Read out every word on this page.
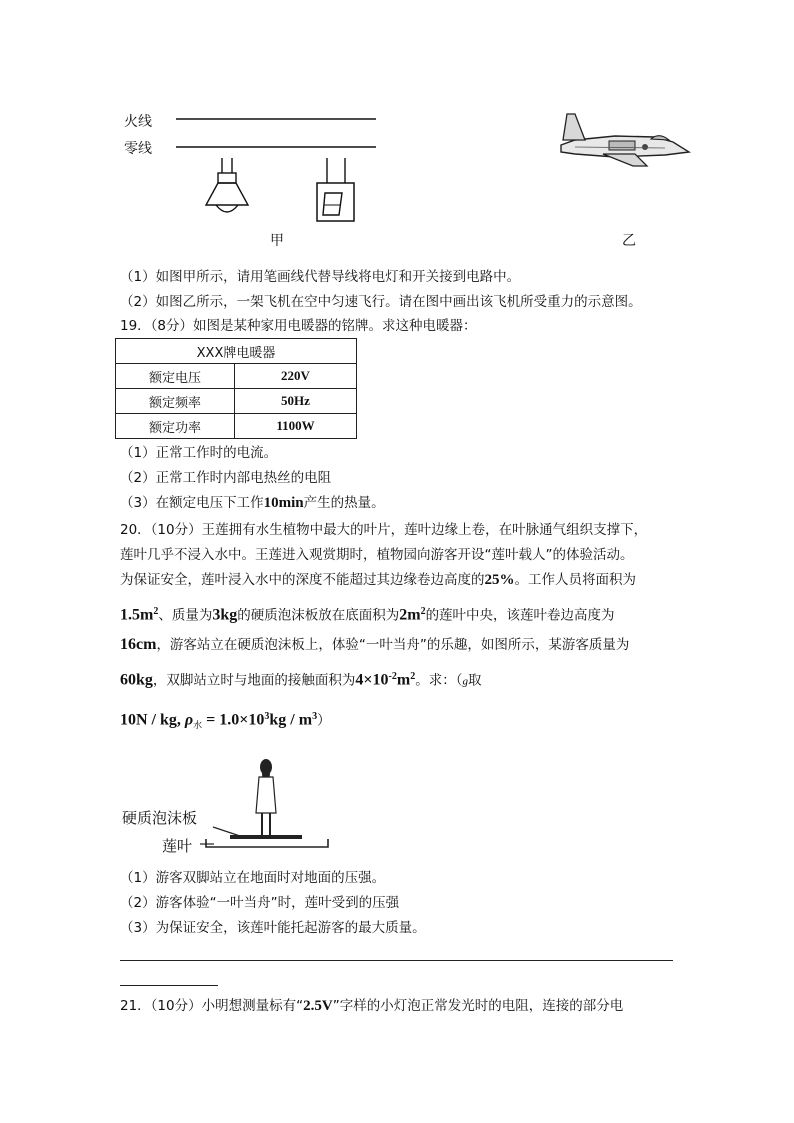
火线
零线
甲	乙
（1）如图甲所示，请用笔画线代替导线将电灯和开关接到电路中。
（2）如图乙所示，一架飞机在空中匀速飞行。请在图中画出该飞机所受重力的示意图。
19．（8分）如图是某种家用电暖器的铭牌。求这种电暖器：
XXX牌电暖器	
额定电压	220V
额定频率	50Hz
额定功率	1100W
（1）正常工作时的电流。
（2）正常工作时内部电热丝的电阻
（3）在额定电压下工作10min产生的热量。
20．（10分）王莲拥有水生植物中最大的叶片，莲叶边缘上卷，在叶脉通气组织支撑下，
莲叶几乎不浸入水中。王莲进入观赏期时，植物园向游客开设“莲叶载人”的体验活动。
为保证安全，莲叶浸入水中的深度不能超过其边缘卷边高度的25%。工作人员将面积为
$1.5m^2$、质量为3kg的硬质泡沫板放在底面积为$2m^2$的莲叶中央，该莲叶卷边高度为
16cm，游客站立在硬质泡沫板上，体验“一叶当舟”的乐趣，如图所示，某游客质量为
60kg，双脚站立时与地面的接触面积为$4\times 10^{-2}m^2$。求：（g取
10N / kg, $\rho_水 = 1.0\times 10^3kg / m^3$）
硬质泡沫板
莲叶
（1）游客双脚站立在地面时对地面的压强。
（2）游客体验“一叶当舟”时，莲叶受到的压强
（3）为保证安全，该莲叶能托起游客的最大质量。
21．（10分）小明想测量标有“2.5V”字样的小灯泡正常发光时的电阻，连接的部分电
